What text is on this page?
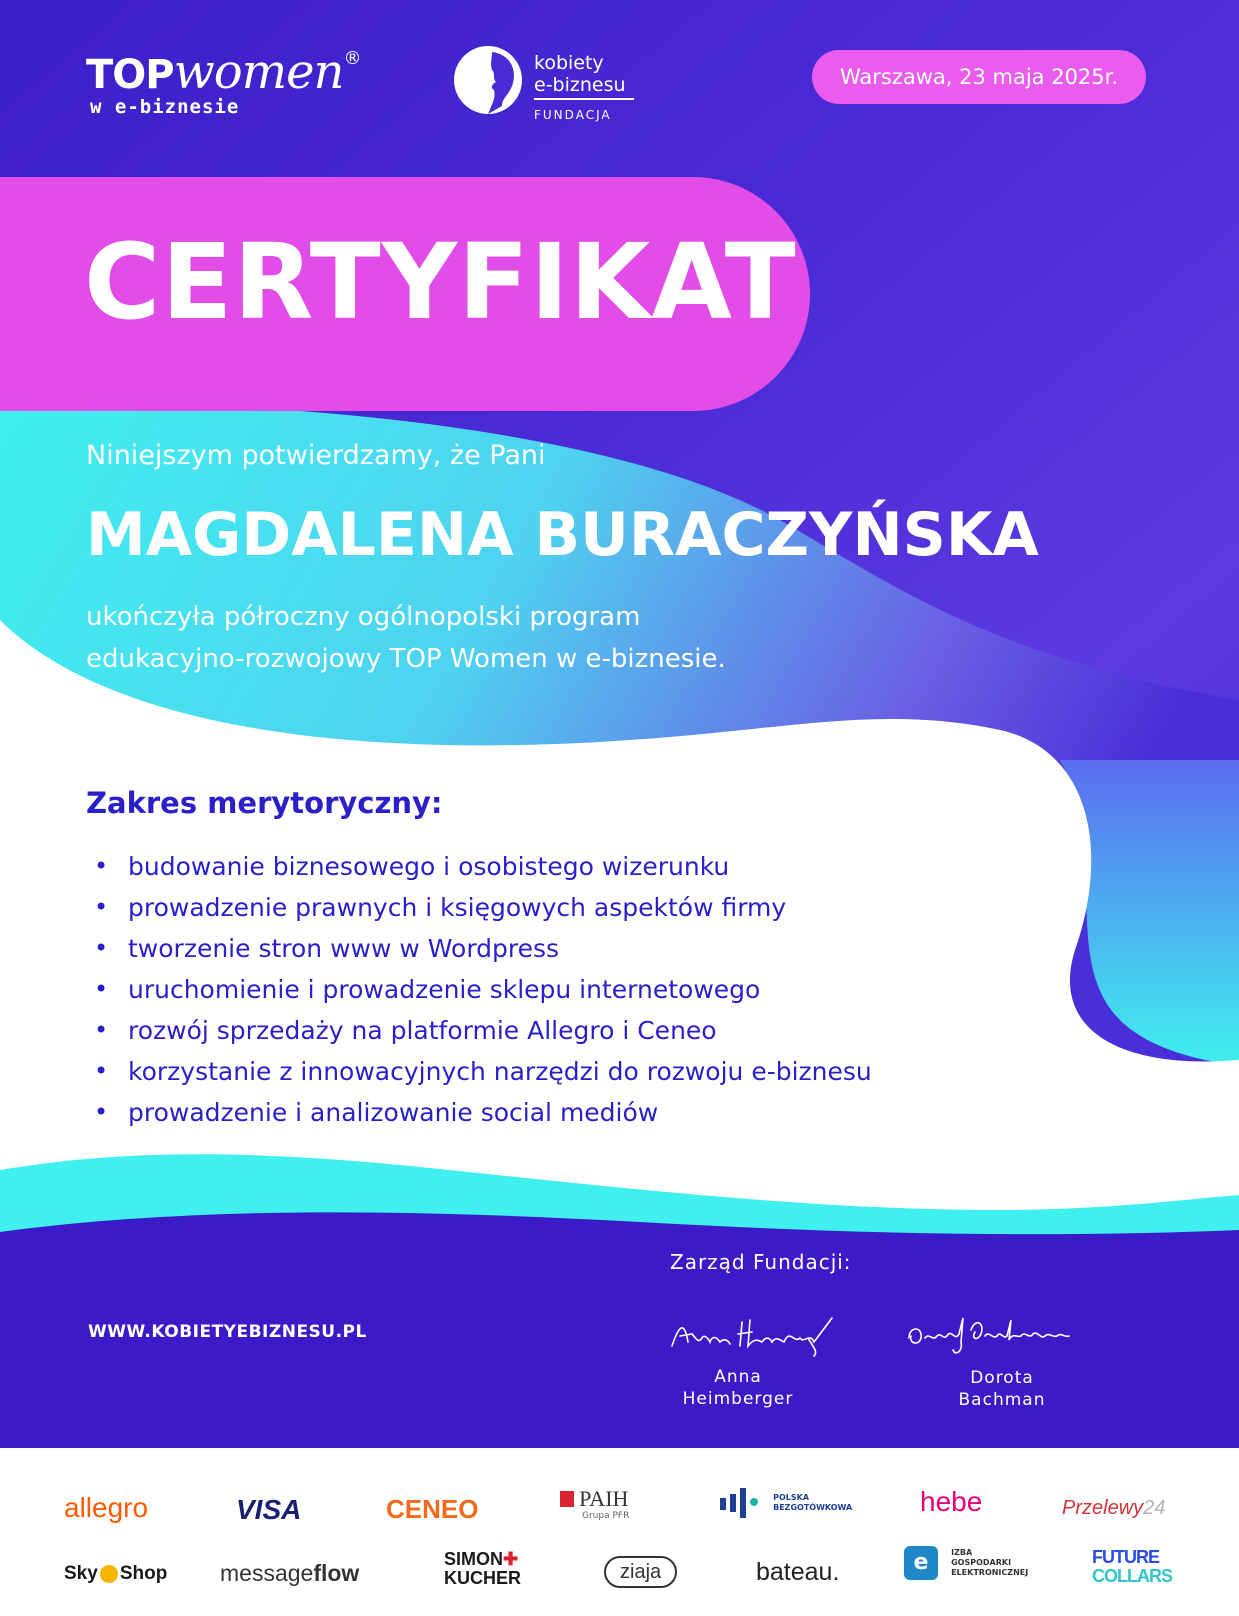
TOPwomen®
w e-biznesie
kobiety
e-biznesu
FUNDACJA
Warszawa, 23 maja 2025r.
CERTYFIKAT
Niniejszym potwierdzamy, że Pani
MAGDALENA BURACZYŃSKA
ukończyła półroczny ogólnopolski program
edukacyjno-rozwojowy TOP Women w e-biznesie.
Zakres merytoryczny:
• budowanie biznesowego i osobistego wizerunku
• prowadzenie prawnych i księgowych aspektów firmy
• tworzenie stron www w Wordpress
• uruchomienie i prowadzenie sklepu internetowego
• rozwój sprzedaży na platformie Allegro i Ceneo
• korzystanie z innowacyjnych narzędzi do rozwoju e-biznesu
• prowadzenie i analizowanie social mediów
Zarząd Fundacji:
WWW.KOBIETYEBIZNESU.PL
Anna
Heimberger
Dorota
Bachman
allegro	VISA	CENEO	PAIH
Grupa PFR

POLSKA
BEZGOTÓWKOWA hebe	Przelewy24
Sky Shop messageflow
SIMON✚
KUCHER	ziaja	bateau.	e	IZBA
GOSPODARKI
ELEKTRONICZNEJ
FUTURE
COLLARS
